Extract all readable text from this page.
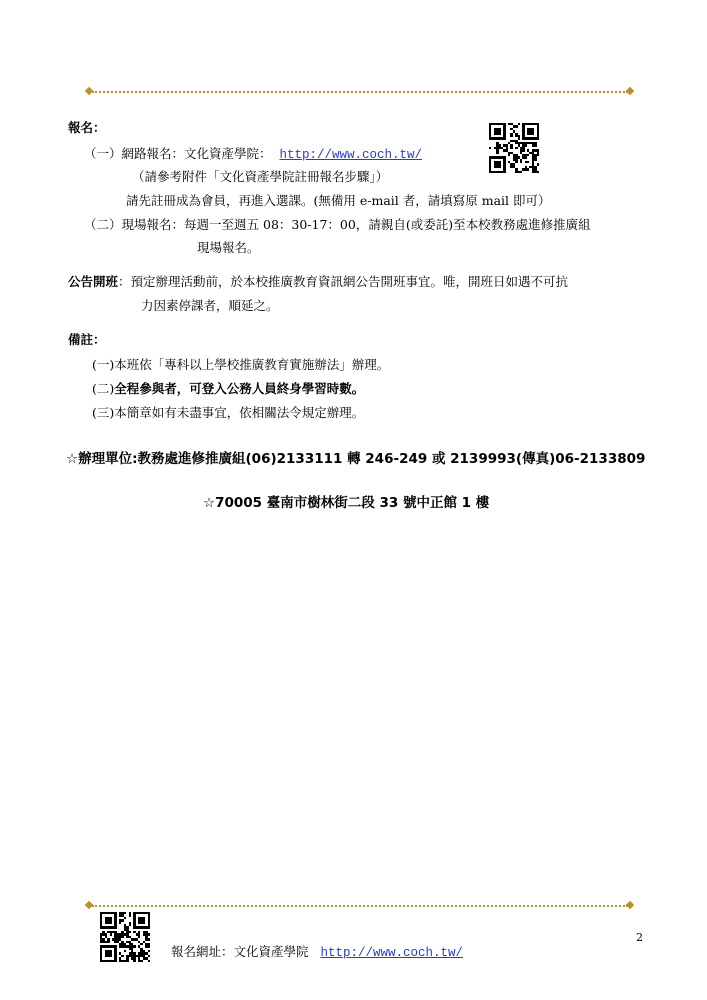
報名：
（一）網路報名：文化資產學院： http://www.coch.tw/
（請參考附件「文化資產學院註冊報名步驟」）
請先註冊成為會員，再進入選課。(無備用 e-mail 者，請填寫原 mail 即可）
（二）現場報名：每週一至週五 08：30-17：00，請親自(或委託)至本校教務處進修推廣組
現場報名。
公告開班：預定辦理活動前，於本校推廣教育資訊網公告開班事宜。唯，開班日如遇不可抗
力因素停課者，順延之。
備註：
(一)本班依「專科以上學校推廣教育實施辦法」辦理。
(二)全程參與者，可登入公務人員終身學習時數。
(三)本簡章如有未盡事宜，依相關法令規定辦理。
☆辦理單位:教務處進修推廣組(06)2133111 轉 246-249 或 2139993(傳真)06-2133809
☆70005 臺南市樹林街二段 33 號中正館 1 樓
報名網址：文化資產學院 http://www.coch.tw/
2
